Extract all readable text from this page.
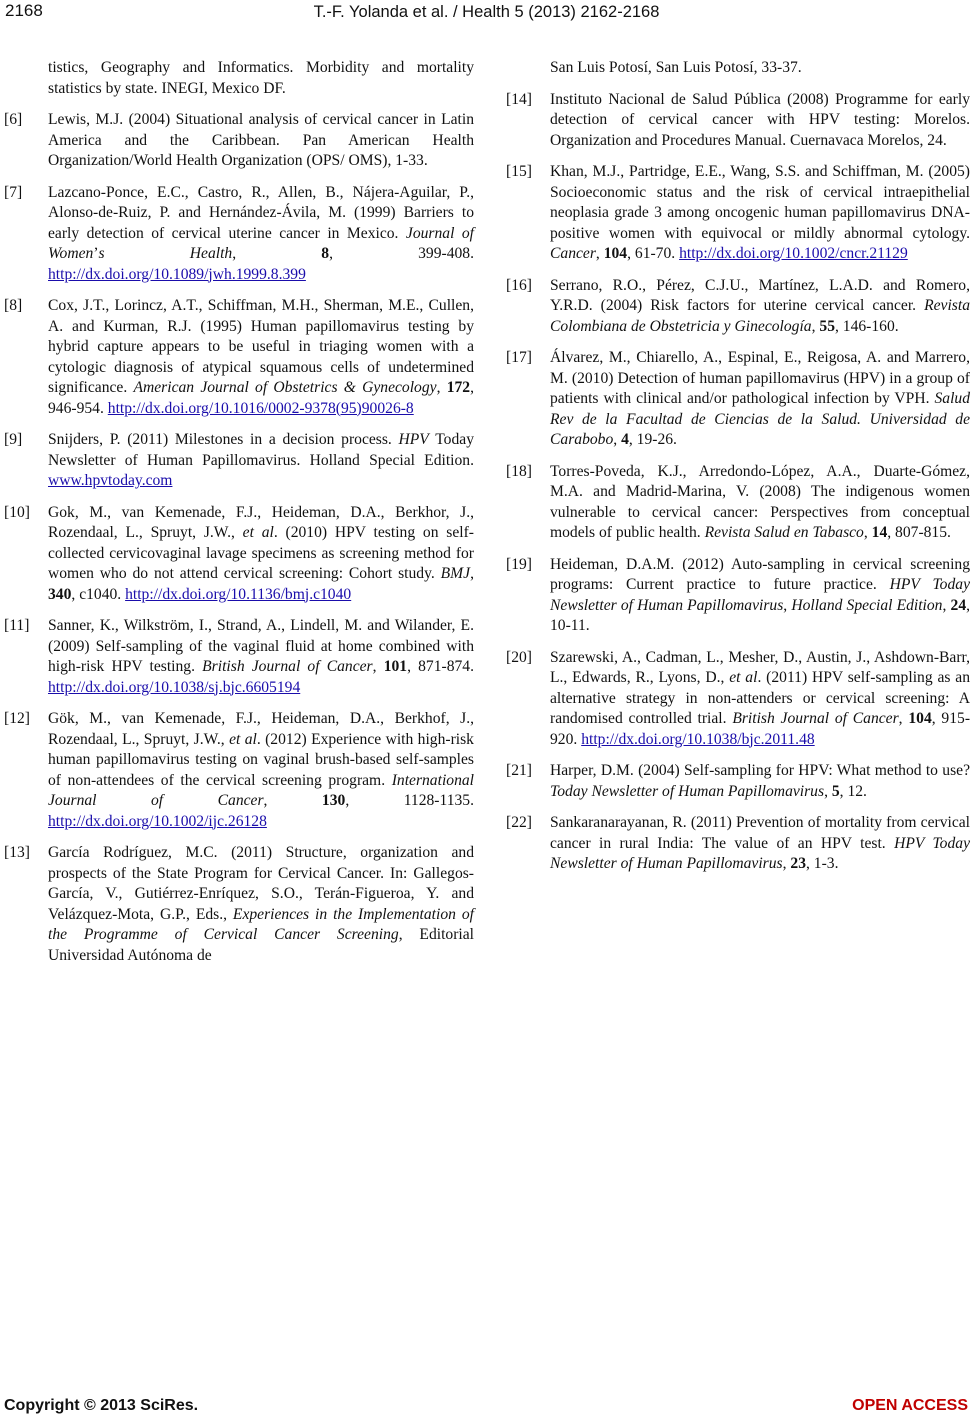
2168	T.-F. Yolanda et al. / Health 5 (2013) 2162-2168
tistics, Geography and Informatics. Morbidity and mortality statistics by state. INEGI, Mexico DF.
[6] Lewis, M.J. (2004) Situational analysis of cervical cancer in Latin America and the Caribbean. Pan American Health Organization/World Health Organization (OPS/ OMS), 1-33.
[7] Lazcano-Ponce, E.C., Castro, R., Allen, B., Nájera-Aguilar, P., Alonso-de-Ruiz, P. and Hernández-Ávila, M. (1999) Barriers to early detection of cervical uterine cancer in Mexico. Journal of Women’s Health, 8, 399-408. http://dx.doi.org/10.1089/jwh.1999.8.399
[8] Cox, J.T., Lorincz, A.T., Schiffman, M.H., Sherman, M.E., Cullen, A. and Kurman, R.J. (1995) Human papillomavirus testing by hybrid capture appears to be useful in triaging women with a cytologic diagnosis of atypical squamous cells of undetermined significance. American Journal of Obstetrics & Gynecology, 172, 946-954. http://dx.doi.org/10.1016/0002-9378(95)90026-8
[9] Snijders, P. (2011) Milestones in a decision process. HPV Today Newsletter of Human Papillomavirus. Holland Special Edition. www.hpvtoday.com
[10] Gok, M., van Kemenade, F.J., Heideman, D.A., Berkhor, J., Rozendaal, L., Spruyt, J.W., et al. (2010) HPV testing on self-collected cervicovaginal lavage specimens as screening method for women who do not attend cervical screening: Cohort study. BMJ, 340, c1040. http://dx.doi.org/10.1136/bmj.c1040
[11] Sanner, K., Wilkström, I., Strand, A., Lindell, M. and Wilander, E. (2009) Self-sampling of the vaginal fluid at home combined with high-risk HPV testing. British Journal of Cancer, 101, 871-874. http://dx.doi.org/10.1038/sj.bjc.6605194
[12] Gök, M., van Kemenade, F.J., Heideman, D.A., Berkhof, J., Rozendaal, L., Spruyt, J.W., et al. (2012) Experience with high-risk human papillomavirus testing on vaginal brush-based self-samples of non-attendees of the cervical screening program. International Journal of Cancer, 130, 1128-1135. http://dx.doi.org/10.1002/ijc.26128
[13] García Rodríguez, M.C. (2011) Structure, organization and prospects of the State Program for Cervical Cancer. In: Gallegos-García, V., Gutiérrez-Enríquez, S.O., Terán-Figueroa, Y. and Velázquez-Mota, G.P., Eds., Experiences in the Implementation of the Programme of Cervical Cancer Screening, Editorial Universidad Autónoma de
San Luis Potosí, San Luis Potosí, 33-37.
[14] Instituto Nacional de Salud Pública (2008) Programme for early detection of cervical cancer with HPV testing: Morelos. Organization and Procedures Manual. Cuernavaca Morelos, 24.
[15] Khan, M.J., Partridge, E.E., Wang, S.S. and Schiffman, M. (2005) Socioeconomic status and the risk of cervical intraepithelial neoplasia grade 3 among oncogenic human papillomavirus DNA-positive women with equivocal or mildly abnormal cytology. Cancer, 104, 61-70. http://dx.doi.org/10.1002/cncr.21129
[16] Serrano, R.O., Pérez, C.J.U., Martínez, L.A.D. and Romero, Y.R.D. (2004) Risk factors for uterine cervical cancer. Revista Colombiana de Obstetricia y Ginecología, 55, 146-160.
[17] Álvarez, M., Chiarello, A., Espinal, E., Reigosa, A. and Marrero, M. (2010) Detection of human papillomavirus (HPV) in a group of patients with clinical and/or pathological infection by VPH. Salud Rev de la Facultad de Ciencias de la Salud. Universidad de Carabobo, 4, 19-26.
[18] Torres-Poveda, K.J., Arredondo-López, A.A., Duarte-Gómez, M.A. and Madrid-Marina, V. (2008) The indigenous women vulnerable to cervical cancer: Perspectives from conceptual models of public health. Revista Salud en Tabasco, 14, 807-815.
[19] Heideman, D.A.M. (2012) Auto-sampling in cervical screening programs: Current practice to future practice. HPV Today Newsletter of Human Papillomavirus, Holland Special Edition, 24, 10-11.
[20] Szarewski, A., Cadman, L., Mesher, D., Austin, J., Ashdown-Barr, L., Edwards, R., Lyons, D., et al. (2011) HPV self-sampling as an alternative strategy in non-attenders or cervical screening: A randomised controlled trial. British Journal of Cancer, 104, 915-920. http://dx.doi.org/10.1038/bjc.2011.48
[21] Harper, D.M. (2004) Self-sampling for HPV: What method to use? Today Newsletter of Human Papillomavirus, 5, 12.
[22] Sankaranarayanan, R. (2011) Prevention of mortality from cervical cancer in rural India: The value of an HPV test. HPV Today Newsletter of Human Papillomavirus, 23, 1-3.
Copyright © 2013 SciRes.	OPEN ACCESS
